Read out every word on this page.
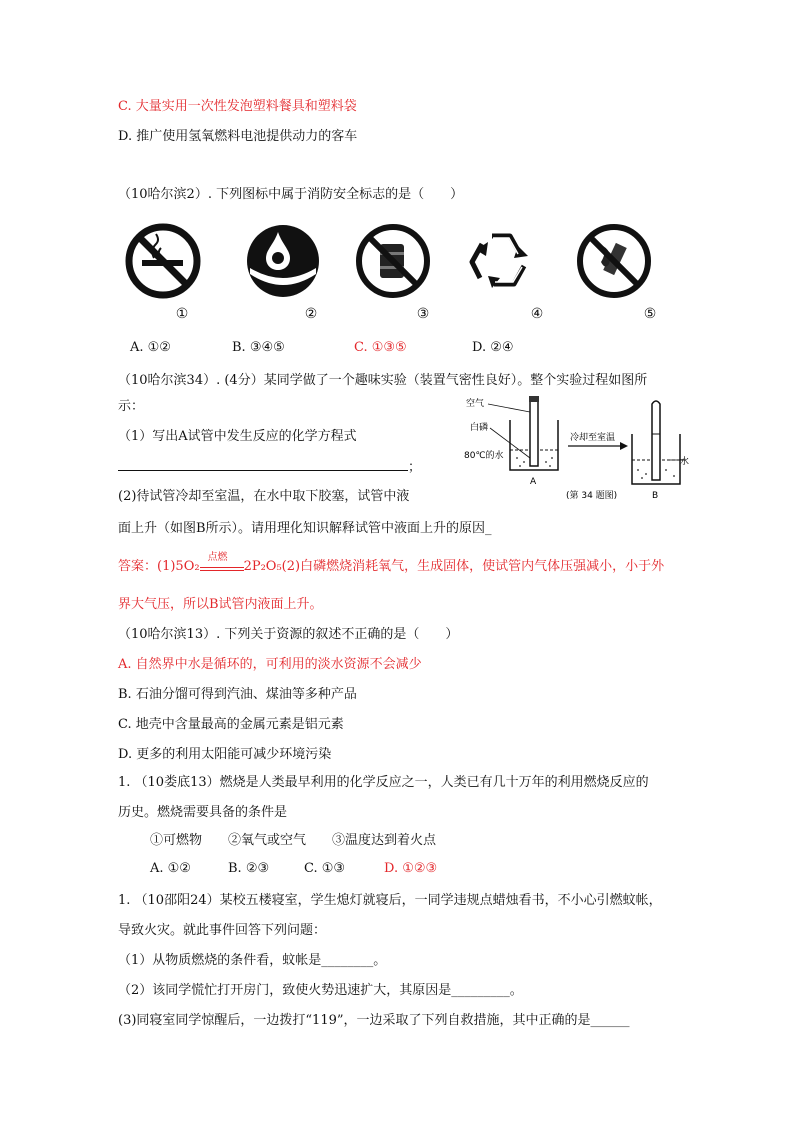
C. 大量实用一次性发泡塑料餐具和塑料袋
D. 推广使用氢氧燃料电池提供动力的客车
（10哈尔滨2）. 下列图标中属于消防安全标志的是（　　）
①	②	③	④	⑤
A. ①②	B. ③④⑤	C. ①③⑤	D. ②④
（10哈尔滨34）. (4分）某同学做了一个趣味实验（装置气密性良好）。整个实验过程如图所
示：
（1）写出A试管中发生反应的化学方程式
；
(2)待试管冷却至室温，在水中取下胶塞，试管中液
面上升（如图B所示）。请用理化知识解释试管中液面上升的原因_
空气
白磷
80℃的水
冷却至室温
水
A
B
(第 34 题图)
答案：(1)5O₂
点燃
2P₂O₅(2)白磷燃烧消耗氧气，生成固体，使试管内气体压强减小，小于外
界大气压，所以B试管内液面上升。
（10哈尔滨13）. 下列关于资源的叙述不正确的是（　　）
A. 自然界中水是循环的，可利用的淡水资源不会减少
B. 石油分馏可得到汽油、煤油等多种产品
C. 地壳中含量最高的金属元素是铝元素
D. 更多的利用太阳能可减少环境污染
1. （10娄底13）燃烧是人类最早利用的化学反应之一，人类已有几十万年的利用燃烧反应的
历史。燃烧需要具备的条件是
①可燃物　　②氧气或空气　　③温度达到着火点
A. ①②	B. ②③	C. ①③	D. ①②③
1. （10邵阳24）某校五楼寝室，学生熄灯就寝后，一同学违规点蜡烛看书，不小心引燃蚊帐，
导致火灾。就此事件回答下列问题：
（1）从物质燃烧的条件看，蚊帐是________。
（2）该同学慌忙打开房门，致使火势迅速扩大，其原因是_________。
(3)同寝室同学惊醒后，一边拨打“119”，一边采取了下列自救措施，其中正确的是______
